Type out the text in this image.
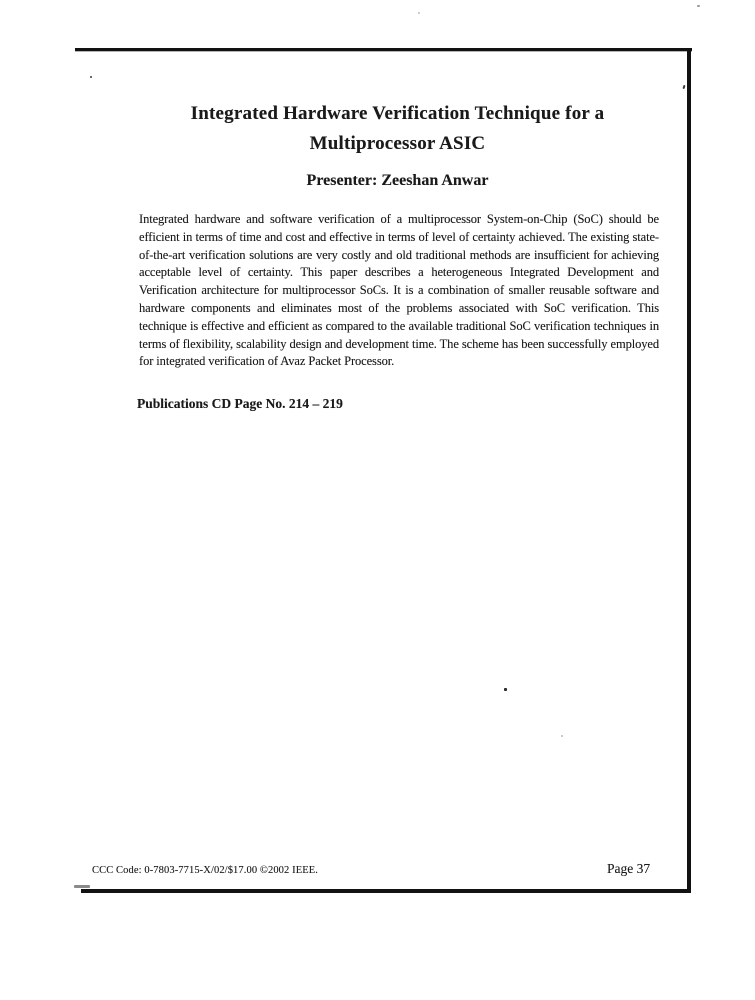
Integrated Hardware Verification Technique for a
Multiprocessor ASIC
Presenter: Zeeshan Anwar

Integrated hardware and software verification of a multiprocessor System-on-Chip (SoC) should be efficient in terms of time and cost and effective in terms of level of certainty achieved. The existing state-of-the-art verification solutions are very costly and old traditional methods are insufficient for achieving acceptable level of certainty. This paper describes a heterogeneous Integrated Development and Verification architecture for multiprocessor SoCs. It is a combination of smaller reusable software and hardware components and eliminates most of the problems associated with SoC verification. This technique is effective and efficient as compared to the available traditional SoC verification techniques in terms of flexibility, scalability design and development time. The scheme has been successfully employed for integrated verification of Avaz Packet Processor.

Publications CD Page No. 214 – 219
CCC Code: 0-7803-7715-X/02/$17.00 ©2002 IEEE.	Page 37
